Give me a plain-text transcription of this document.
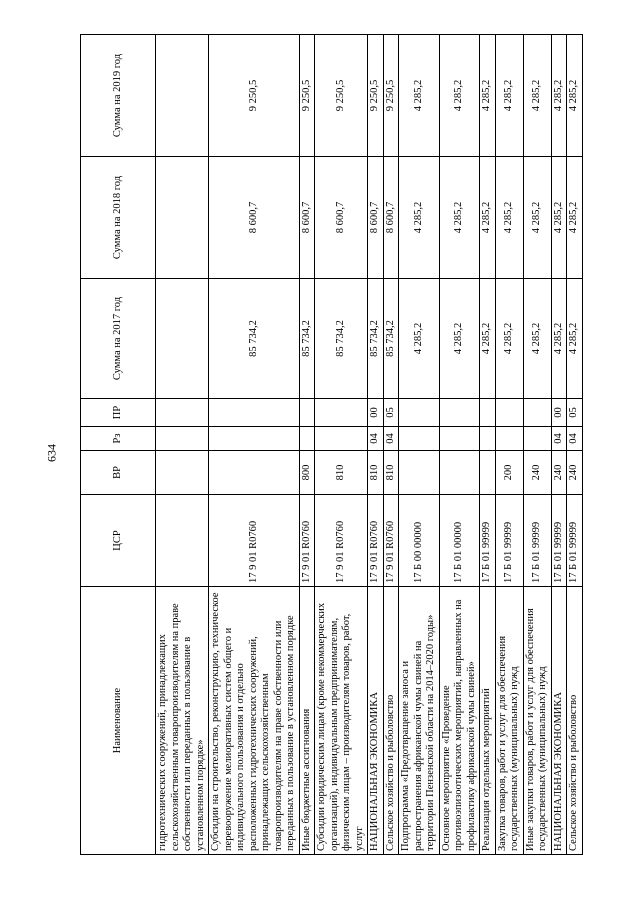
634
Наименование	ЦСР	ВР	Рз	ПР	Сумма на 2017 год	Сумма на 2018 год	Сумма на 2019 год
гидротехнических сооружений, принадлежащих сельскохозяйственным товаропроизводителям на праве собственности или переданных в пользование в установленном порядке»							
Субсидии на строительство, реконструкцию, техническое перевооружение мелиоративных систем общего и индивидуального пользования и отдельно расположенных гидротехнических сооружений, принадлежащих сельскохозяйственным товаропроизводителям на праве собственности или переданных в пользование в установленном порядке	17 9 01 R0760				85 734,2	8 600,7	9 250,5
Иные бюджетные ассигнования	17 9 01 R0760	800			85 734,2	8 600,7	9 250,5
Субсидии юридическим лицам (кроме некоммерческих организаций), индивидуальным предпринимателям, физическим лицам – производителям товаров, работ, услуг	17 9 01 R0760	810			85 734,2	8 600,7	9 250,5
НАЦИОНАЛЬНАЯ ЭКОНОМИКА	17 9 01 R0760	810	04	00	85 734,2	8 600,7	9 250,5
Сельское хозяйство и рыболовство	17 9 01 R0760	810	04	05	85 734,2	8 600,7	9 250,5
Подпрограмма «Предотвращение заноса и распространения африканской чумы свиней на территории Пензенской области на 2014–2020 годы»	17 Б 00 00000				4 285,2	4 285,2	4 285,2
Основное мероприятие «Проведение противоэпизоотических мероприятий, направленных на профилактику африканской чумы свиней»	17 Б 01 00000				4 285,2	4 285,2	4 285,2
Реализация отдельных мероприятий	17 Б 01 99999				4 285,2	4 285,2	4 285,2
Закупка товаров, работ и услуг для обеспечения государственных (муниципальных) нужд	17 Б 01 99999	200			4 285,2	4 285,2	4 285,2
Иные закупки товаров, работ и услуг для обеспечения государственных (муниципальных) нужд	17 Б 01 99999	240			4 285,2	4 285,2	4 285,2
НАЦИОНАЛЬНАЯ ЭКОНОМИКА	17 Б 01 99999	240	04	00	4 285,2	4 285,2	4 285,2
Сельское хозяйство и рыболовство	17 Б 01 99999	240	04	05	4 285,2	4 285,2	4 285,2
